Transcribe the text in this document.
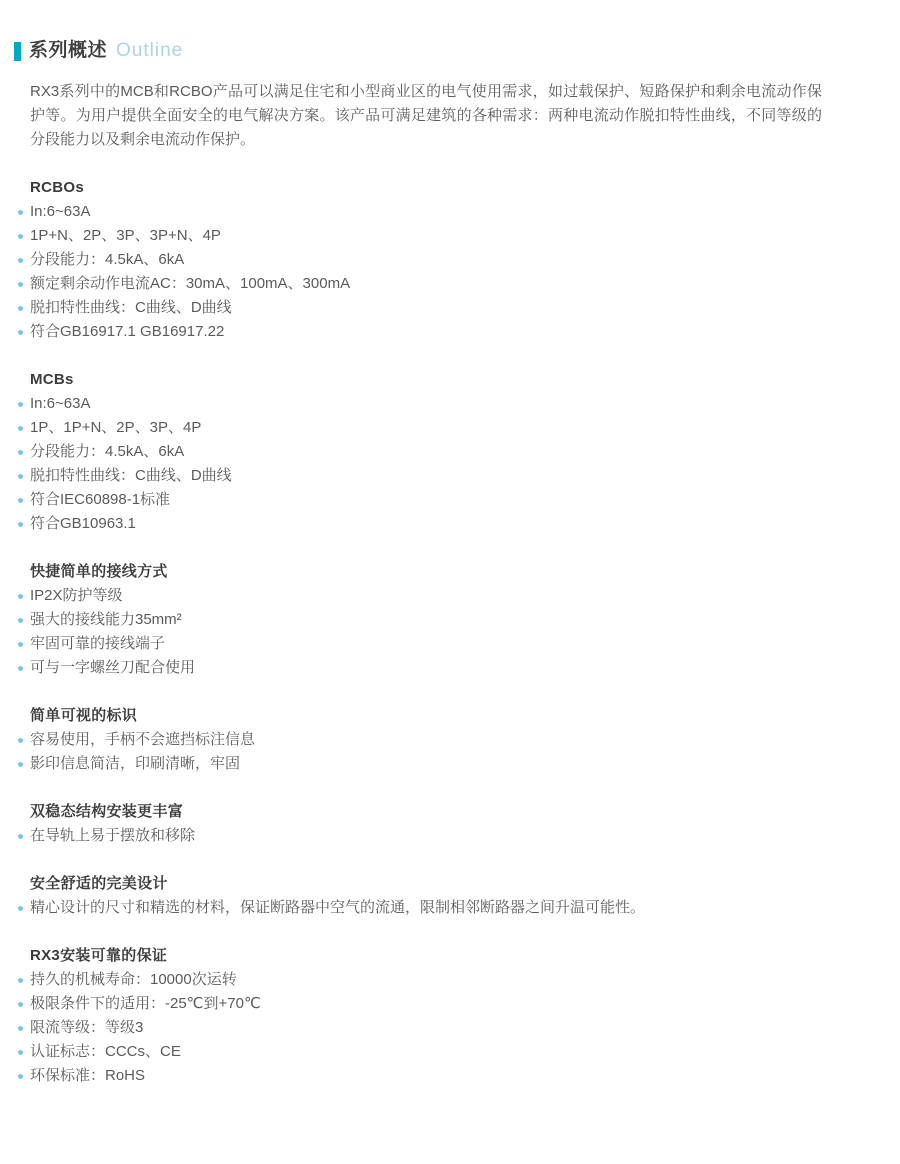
系列概述 Outline

RX3系列中的MCB和RCBO产品可以满足住宅和小型商业区的电气使用需求，如过载保护、短路保护和剩余电流动作保护等。为用户提供全面安全的电气解决方案。该产品可满足建筑的各种需求：两种电流动作脱扣特性曲线，不同等级的分段能力以及剩余电流动作保护。

RCBOs
In:6~63A
1P+N、2P、3P、3P+N、4P
分段能力：4.5kA、6kA
额定剩余动作电流AC：30mA、100mA、300mA
脱扣特性曲线：C曲线、D曲线
符合GB16917.1 GB16917.22
MCBs
In:6~63A
1P、1P+N、2P、3P、4P
分段能力：4.5kA、6kA
脱扣特性曲线：C曲线、D曲线
符合IEC60898-1标准
符合GB10963.1
快捷简单的接线方式
IP2X防护等级
强大的接线能力35mm²
牢固可靠的接线端子
可与一字螺丝刀配合使用
简单可视的标识
容易使用，手柄不会遮挡标注信息
影印信息简洁，印刷清晰，牢固
双稳态结构安装更丰富
在导轨上易于摆放和移除
安全舒适的完美设计
精心设计的尺寸和精选的材料，保证断路器中空气的流通，限制相邻断路器之间升温可能性。
RX3安装可靠的保证
持久的机械寿命：10000次运转
极限条件下的适用：-25℃到+70℃
限流等级：等级3
认证标志：CCCs、CE
环保标准：RoHS
